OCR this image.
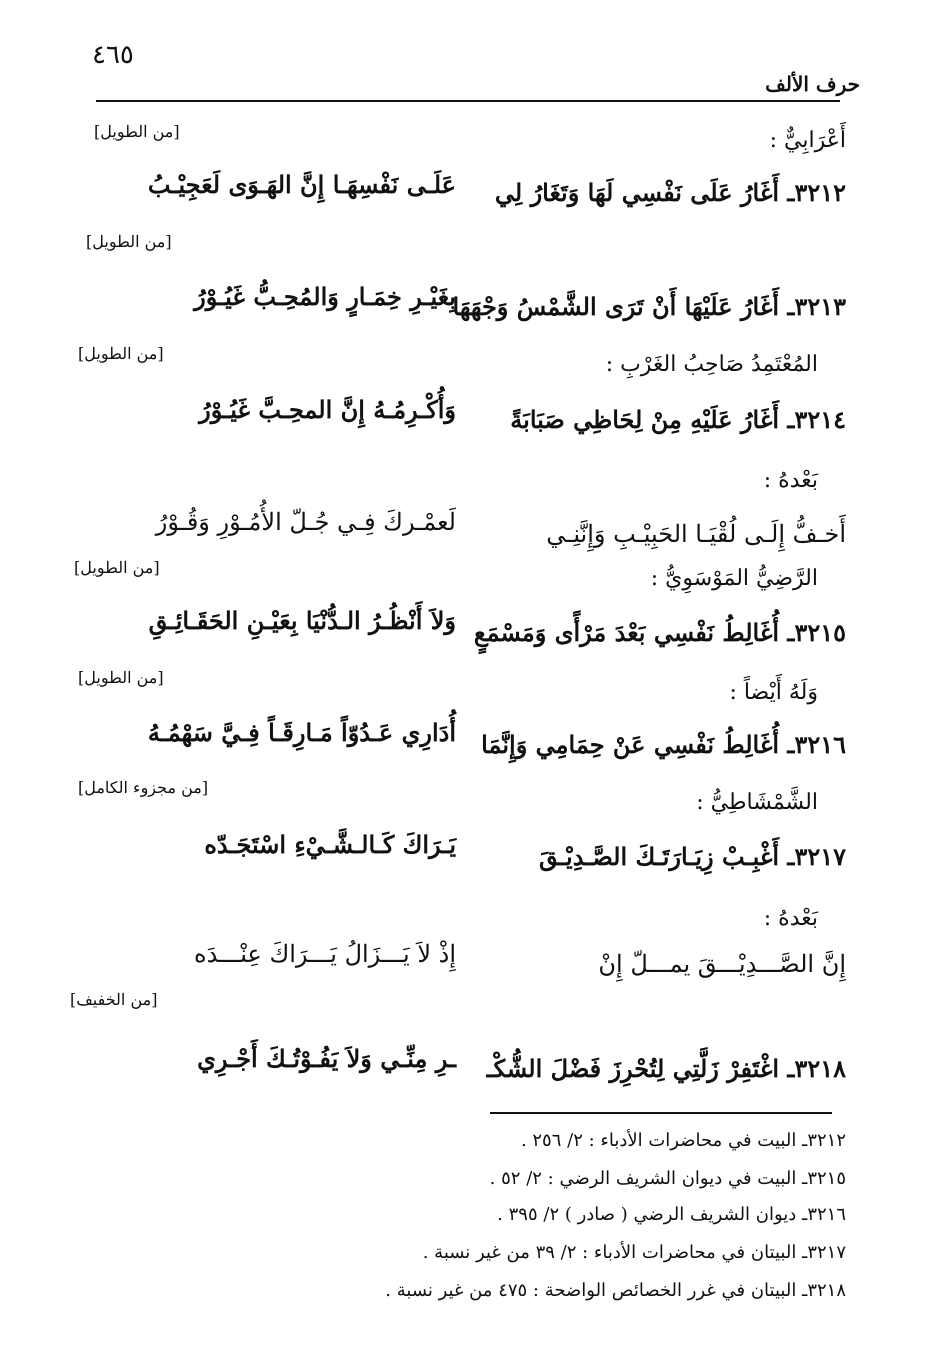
٤٦٥
حرف الألف
أَعْرَابِيٌّ :
[من الطويل]
٣٢١٢ـ أَغَارُ عَلَى نَفْسِي لَهَا وَتَغَارُ لِي
عَلَـى نَفْسِهَـا إِنَّ الهَـوَى لَعَجِيْـبُ
[من الطويل]
٣٢١٣ـ أَغَارُ عَلَيْهَا أَنْ تَرَى الشَّمْسُ وَجْهَهَا
بِغَيْـرِ خِمَـارٍ وَالمُحِـبُّ غَيُـوْرُ
المُعْتَمِدُ صَاحِبُ الغَرْبِ :
[من الطويل]
٣٢١٤ـ أَغَارُ عَلَيْهِ مِنْ لِحَاظِي صَبَابَةً
وَأُكْـرِمُـهُ إِنَّ المحِـبَّ غَيُـوْرُ
بَعْدهُ :
أَخـفُّ إِلَـى لُقْيَـا الحَبِيْـبِ وَإِنَّنِـي
لَعمْـركَ فِـي جُـلّ الأُمُـوْرِ وَقُـوْرُ
الرَّضِيُّ المَوْسَوِيُّ :
[من الطويل]
٣٢١٥ـ أُغَالِطُ نَفْسِي بَعْدَ مَرْأًى وَمَسْمَعٍ
وَلاَ أَنْظُـرُ الـدُّنْيَا بِعَيْـنِ الحَقَـائِـقِ
وَلَهُ أَيْضاً :
[من الطويل]
٣٢١٦ـ أُغَالِطُ نَفْسِي عَنْ حِمَامِي وَإِنَّمَا
أُدَارِي عَـدُوّاً مَـارِقَـاً فِـيَّ سَهْمُـهُ
الشَّمْشَاطِيُّ :
[من مجزوء الكامل]
٣٢١٧ـ أَغْبِـبْ زِيَـارَتَـكَ الصَّـدِيْـقَ
يَـرَاكَ كَـالـشَّـيْءِ اسْتَجَـدّه
بَعْدهُ :
إِنَّ الصَّـــدِيْـــقَ يمـــلّ إِنْ
إِذْ لاَ يَـــزَالُ يَـــرَاكَ عِنْـــدَه
[من الخفيف]
٣٢١٨ـ اغْتَفِرْ زَلَّتِي لِتُحْرِزَ فَضْلَ الشُّكْـ
ـرِ مِنِّـي وَلاَ يَفُـوْتُـكَ أَجْـرِي
٣٢١٢ـ البيت في محاضرات الأدباء : ٢/ ٢٥٦ .
٣٢١٥ـ البيت في ديوان الشريف الرضي : ٢/ ٥٢ .
٣٢١٦ـ ديوان الشريف الرضي ( صادر ) ٢/ ٣٩٥ .
٣٢١٧ـ البيتان في محاضرات الأدباء : ٢/ ٣٩ من غير نسبة .
٣٢١٨ـ البيتان في غرر الخصائص الواضحة : ٤٧٥ من غير نسبة .
